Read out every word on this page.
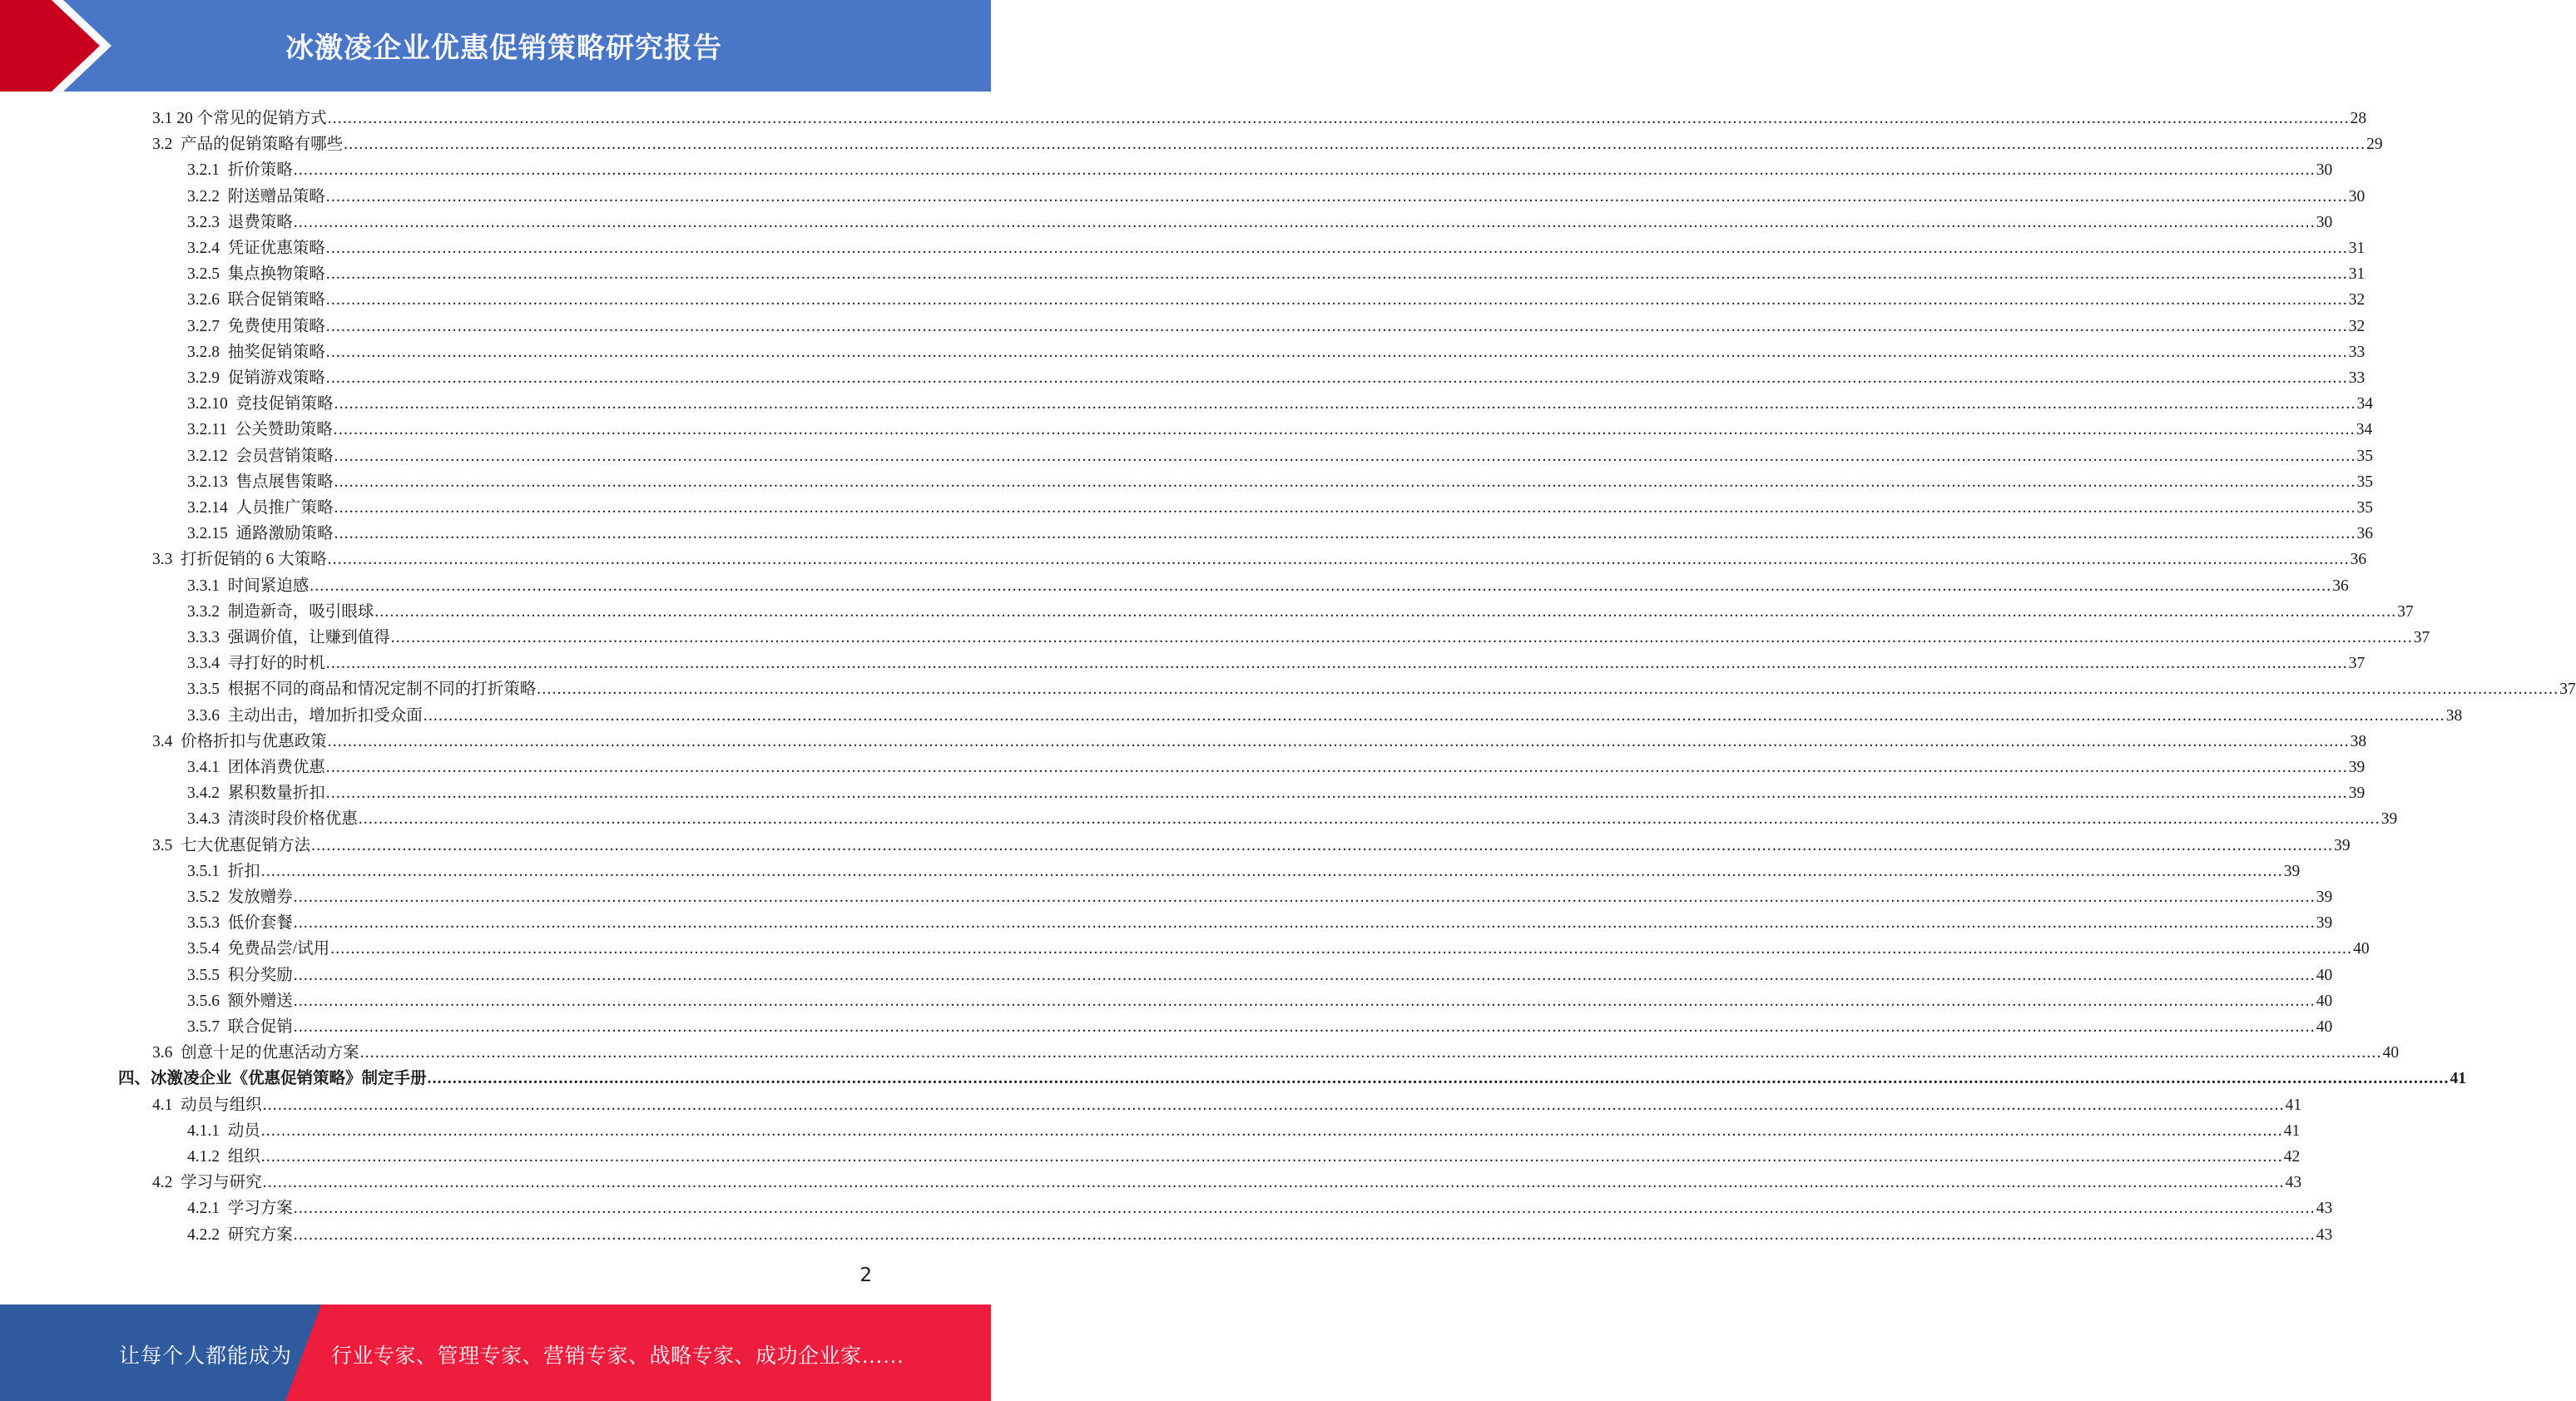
冰激凌企业优惠促销策略研究报告
3.1 20 个常见的促销方式 ................................................................................................................................................................................................................................................................................................................................................................................................................ 28
3.2 产品的促销策略有哪些 ................................................................................................................................................................................................................................................................................................................................................................................................................ 29
3.2.1 折价策略 ................................................................................................................................................................................................................................................................................................................................................................................................................ 30
3.2.2 附送赠品策略 ................................................................................................................................................................................................................................................................................................................................................................................................................ 30
3.2.3 退费策略 ................................................................................................................................................................................................................................................................................................................................................................................................................ 30
3.2.4 凭证优惠策略 ................................................................................................................................................................................................................................................................................................................................................................................................................ 31
3.2.5 集点换物策略 ................................................................................................................................................................................................................................................................................................................................................................................................................ 31
3.2.6 联合促销策略 ................................................................................................................................................................................................................................................................................................................................................................................................................ 32
3.2.7 免费使用策略 ................................................................................................................................................................................................................................................................................................................................................................................................................ 32
3.2.8 抽奖促销策略 ................................................................................................................................................................................................................................................................................................................................................................................................................ 33
3.2.9 促销游戏策略 ................................................................................................................................................................................................................................................................................................................................................................................................................ 33
3.2.10 竞技促销策略 ................................................................................................................................................................................................................................................................................................................................................................................................................ 34
3.2.11 公关赞助策略 ................................................................................................................................................................................................................................................................................................................................................................................................................ 34
3.2.12 会员营销策略 ................................................................................................................................................................................................................................................................................................................................................................................................................ 35
3.2.13 售点展售策略 ................................................................................................................................................................................................................................................................................................................................................................................................................ 35
3.2.14 人员推广策略 ................................................................................................................................................................................................................................................................................................................................................................................................................ 35
3.2.15 通路激励策略 ................................................................................................................................................................................................................................................................................................................................................................................................................ 36
3.3 打折促销的 6 大策略 ................................................................................................................................................................................................................................................................................................................................................................................................................ 36
3.3.1 时间紧迫感 ................................................................................................................................................................................................................................................................................................................................................................................................................ 36
3.3.2 制造新奇，吸引眼球 ................................................................................................................................................................................................................................................................................................................................................................................................................ 37
3.3.3 强调价值，让赚到值得 ................................................................................................................................................................................................................................................................................................................................................................................................................ 37
3.3.4 寻打好的时机 ................................................................................................................................................................................................................................................................................................................................................................................................................ 37
3.3.5 根据不同的商品和情况定制不同的打折策略 ................................................................................................................................................................................................................................................................................................................................................................................................................ 37
3.3.6 主动出击，增加折扣受众面 ................................................................................................................................................................................................................................................................................................................................................................................................................ 38
3.4 价格折扣与优惠政策 ................................................................................................................................................................................................................................................................................................................................................................................................................ 38
3.4.1 团体消费优惠 ................................................................................................................................................................................................................................................................................................................................................................................................................ 39
3.4.2 累积数量折扣 ................................................................................................................................................................................................................................................................................................................................................................................................................ 39
3.4.3 清淡时段价格优惠 ................................................................................................................................................................................................................................................................................................................................................................................................................ 39
3.5 七大优惠促销方法 ................................................................................................................................................................................................................................................................................................................................................................................................................ 39
3.5.1 折扣 ................................................................................................................................................................................................................................................................................................................................................................................................................ 39
3.5.2 发放赠券 ................................................................................................................................................................................................................................................................................................................................................................................................................ 39
3.5.3 低价套餐 ................................................................................................................................................................................................................................................................................................................................................................................................................ 39
3.5.4 免费品尝/试用 ................................................................................................................................................................................................................................................................................................................................................................................................................ 40
3.5.5 积分奖励 ................................................................................................................................................................................................................................................................................................................................................................................................................ 40
3.5.6 额外赠送 ................................................................................................................................................................................................................................................................................................................................................................................................................ 40
3.5.7 联合促销 ................................................................................................................................................................................................................................................................................................................................................................................................................ 40
3.6 创意十足的优惠活动方案 ................................................................................................................................................................................................................................................................................................................................................................................................................ 40
四、冰激凌企业《优惠促销策略》制定手册 ................................................................................................................................................................................................................................................................................................................................................................................................................ 41
4.1 动员与组织 ................................................................................................................................................................................................................................................................................................................................................................................................................ 41
4.1.1 动员 ................................................................................................................................................................................................................................................................................................................................................................................................................ 41
4.1.2 组织 ................................................................................................................................................................................................................................................................................................................................................................................................................ 42
4.2 学习与研究 ................................................................................................................................................................................................................................................................................................................................................................................................................ 43
4.2.1 学习方案 ................................................................................................................................................................................................................................................................................................................................................................................................................ 43
4.2.2 研究方案 ................................................................................................................................................................................................................................................................................................................................................................................................................ 43
2
让每个人都能成为 行业专家、管理专家、营销专家、战略专家、成功企业家……
